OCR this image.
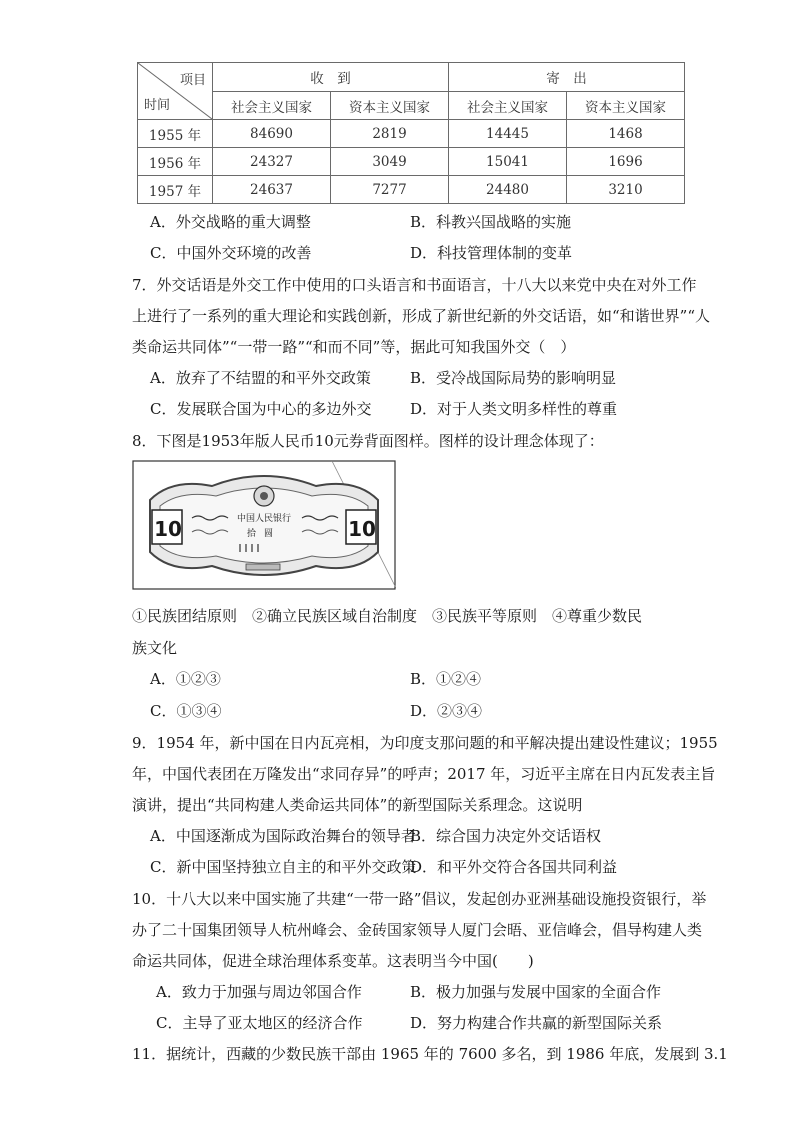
项目
时间	收　到		寄　出	
	社会主义国家	资本主义国家	社会主义国家	资本主义国家
1955 年	84690	2819	14445	1468
1956 年	24327	3049	15041	1696
1957 年	24637	7277	24480	3210
A．外交战略的重大调整	B．科教兴国战略的实施
C．中国外交环境的改善	D．科技管理体制的变革
7．外交话语是外交工作中使用的口头语言和书面语言，十八大以来党中央在对外工作
上进行了一系列的重大理论和实践创新，形成了新世纪新的外交话语，如“和谐世界”“人
类命运共同体”“一带一路”“和而不同”等，据此可知我国外交（　）
A．放弃了不结盟的和平外交政策	B．受冷战国际局势的影响明显
C．发展联合国为中心的多边外交	D．对于人类文明多样性的尊重
8．下图是1953年版人民币10元券背面图样。图样的设计理念体现了：
10	10
中国人民银行
拾圆
①民族团结原则　②确立民族区域自治制度　③民族平等原则　④尊重少数民
族文化
A．①②③	B．①②④
C．①③④	D．②③④
9．1954 年，新中国在日内瓦亮相，为印度支那问题的和平解决提出建设性建议；1955
年，中国代表团在万隆发出“求同存异”的呼声；2017 年，习近平主席在日内瓦发表主旨
演讲，提出“共同构建人类命运共同体”的新型国际关系理念。这说明
A．中国逐渐成为国际政治舞台的领导者
B．综合国力决定外交话语权
C．新中国坚持独立自主的和平外交政策
D．和平外交符合各国共同利益
10．十八大以来中国实施了共建“一带一路”倡议，发起创办亚洲基础设施投资银行，举
办了二十国集团领导人杭州峰会、金砖国家领导人厦门会晤、亚信峰会，倡导构建人类
命运共同体，促进全球治理体系变革。这表明当今中国(　　)
A．致力于加强与周边邻国合作	B．极力加强与发展中国家的全面合作
C．主导了亚太地区的经济合作	D．努力构建合作共赢的新型国际关系
11．据统计，西藏的少数民族干部由 1965 年的 7600 多名，到 1986 年底，发展到 3.1
